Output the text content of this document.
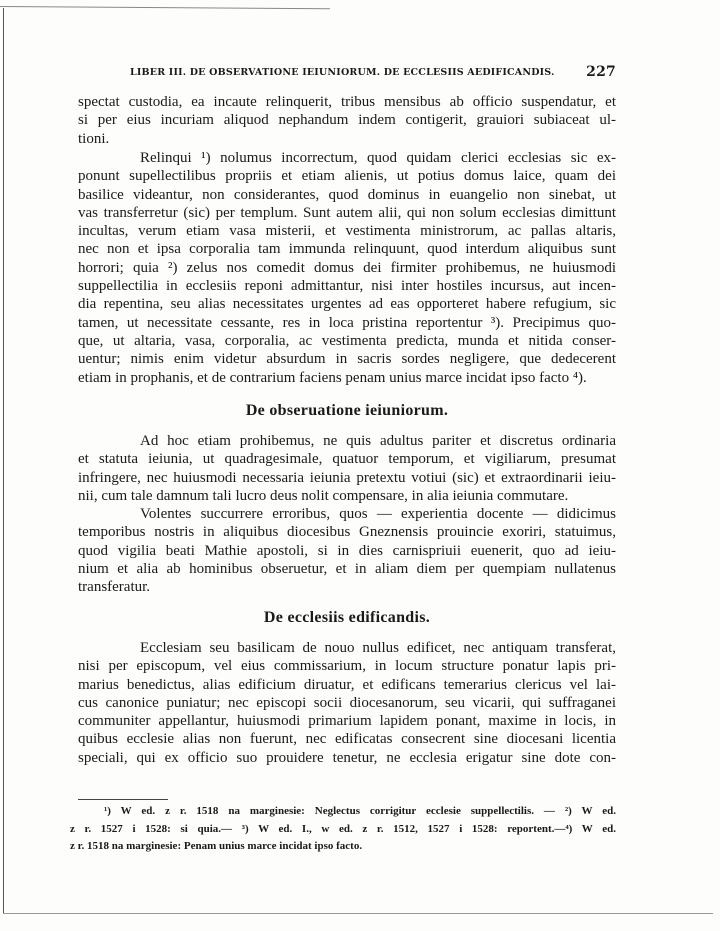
LIBER III. DE OBSERVATIONE IEIUNIORUM. DE ECCLESIIS AEDIFICANDIS. 227
spectat custodia, ea incaute relinquerit, tribus mensibus ab officio suspendatur, et
si per eius incuriam aliquod nephandum indem contigerit, grauiori subiaceat ul-
tioni.
Relinqui ¹) nolumus incorrectum, quod quidam clerici ecclesias sic ex-
ponunt supellectilibus propriis et etiam alienis, ut potius domus laice, quam dei
basilice videantur, non considerantes, quod dominus in euangelio non sinebat, ut
vas transferretur (sic) per templum. Sunt autem alii, qui non solum ecclesias dimittunt
incultas, verum etiam vasa misterii, et vestimenta ministrorum, ac pallas altaris,
nec non et ipsa corporalia tam immunda relinquunt, quod interdum aliquibus sunt
horrori; quia ²) zelus nos comedit domus dei firmiter prohibemus, ne huiusmodi
suppellectilia in ecclesiis reponi admittantur, nisi inter hostiles incursus, aut incen-
dia repentina, seu alias necessitates urgentes ad eas opporteret habere refugium, sic
tamen, ut necessitate cessante, res in loca pristina reportentur ³). Precipimus quo-
que, ut altaria, vasa, corporalia, ac vestimenta predicta, munda et nitida conser-
uentur; nimis enim videtur absurdum in sacris sordes negligere, que dedecerent
etiam in prophanis, et de contrarium faciens penam unius marce incidat ipso facto ⁴).
De obseruatione ieiuniorum.
Ad hoc etiam prohibemus, ne quis adultus pariter et discretus ordinaria
et statuta ieiunia, ut quadragesimale, quatuor temporum, et vigiliarum, presumat
infringere, nec huiusmodi necessaria ieiunia pretextu votiui (sic) et extraordinarii ieiu-
nii, cum tale damnum tali lucro deus nolit compensare, in alia ieiunia commutare.
Volentes succurrere erroribus, quos — experientia docente — didicimus
temporibus nostris in aliquibus diocesibus Gneznensis prouincie exoriri, statuimus,
quod vigilia beati Mathie apostoli, si in dies carnispriuii euenerit, quo ad ieiu-
nium et alia ab hominibus obseruetur, et in aliam diem per quempiam nullatenus
transferatur.
De ecclesiis edificandis.
Ecclesiam seu basilicam de nouo nullus edificet, nec antiquam transferat,
nisi per episcopum, vel eius commissarium, in locum structure ponatur lapis pri-
marius benedictus, alias edificium diruatur, et edificans temerarius clericus vel lai-
cus canonice puniatur; nec episcopi socii diocesanorum, seu vicarii, qui suffraganei
communiter appellantur, huiusmodi primarium lapidem ponant, maxime in locis, in
quibus ecclesie alias non fuerunt, nec edificatas consecrent sine diocesani licentia
speciali, qui ex officio suo prouidere tenetur, ne ecclesia erigatur sine dote con-
¹) W ed. z r. 1518 na marginesie: Neglectus corrigitur ecclesie suppellectilis. — ²) W ed.
z r. 1527 i 1528: si quia.— ³) W ed. I., w ed. z r. 1512, 1527 i 1528: reportent.—⁴) W ed.
z r. 1518 na marginesie: Penam unius marce incidat ipso facto.
